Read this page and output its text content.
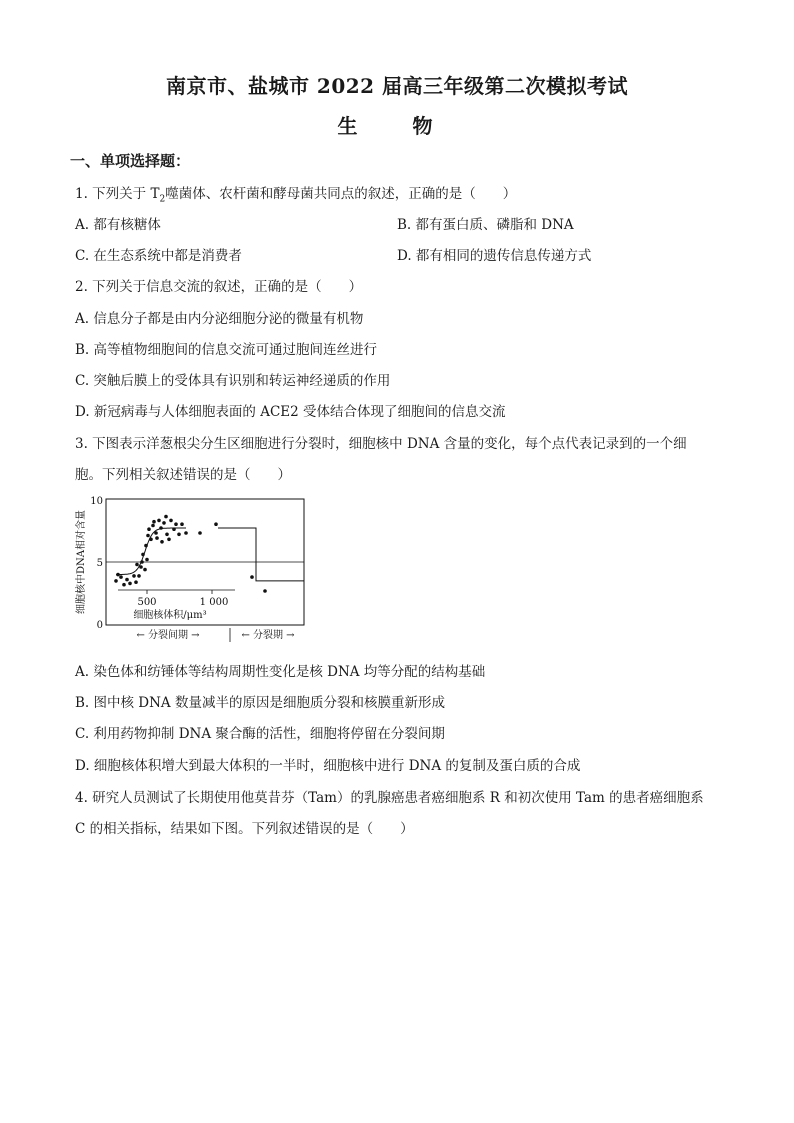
南京市、盐城市 2022 届高三年级第二次模拟考试
生 物
一、单项选择题：
1. 下列关于 $T_2$噬菌体、农杆菌和酵母菌共同点的叙述，正确的是（　　）
A. 都有核糖体	B. 都有蛋白质、磷脂和 DNA
C. 在生态系统中都是消费者	D. 都有相同的遗传信息传递方式
2. 下列关于信息交流的叙述，正确的是（　　）
A. 信息分子都是由内分泌细胞分泌的微量有机物
B. 高等植物细胞间的信息交流可通过胞间连丝进行
C. 突触后膜上的受体具有识别和转运神经递质的作用
D. 新冠病毒与人体细胞表面的 ACE2 受体结合体现了细胞间的信息交流
3. 下图表示洋葱根尖分生区细胞进行分裂时，细胞核中 DNA 含量的变化，每个点代表记录到的一个细
胞。下列相关叙述错误的是（　　）
10
5
0
500	1 000
细胞核体积/μm³
细胞核中DNA相对含量
← 分裂间期 →	← 分裂期 →
A. 染色体和纺锤体等结构周期性变化是核 DNA 均等分配的结构基础
B. 图中核 DNA 数量减半的原因是细胞质分裂和核膜重新形成
C. 利用药物抑制 DNA 聚合酶的活性，细胞将停留在分裂间期
D. 细胞核体积增大到最大体积的一半时，细胞核中进行 DNA 的复制及蛋白质的合成
4. 研究人员测试了长期使用他莫昔芬（Tam）的乳腺癌患者癌细胞系 R 和初次使用 Tam 的患者癌细胞系
C 的相关指标，结果如下图。下列叙述错误的是（　　）
